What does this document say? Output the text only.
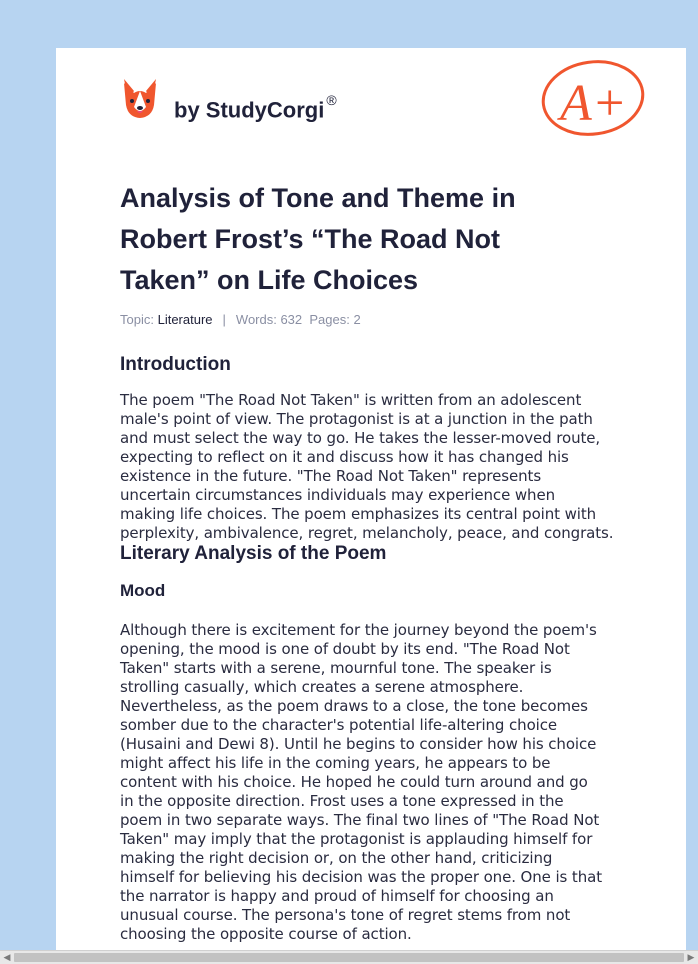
by StudyCorgi ®	A+
Analysis of Tone and Theme in Robert Frost’s “The Road Not Taken” on Life Choices
Topic: Literature | Words: 632 Pages: 2
Introduction
The poem "The Road Not Taken" is written from an adolescent
male's point of view. The protagonist is at a junction in the path
and must select the way to go. He takes the lesser-moved route,
expecting to reflect on it and discuss how it has changed his
existence in the future. "The Road Not Taken" represents
uncertain circumstances individuals may experience when
making life choices. The poem emphasizes its central point with
perplexity, ambivalence, regret, melancholy, peace, and congrats.
Literary Analysis of the Poem
Mood
Although there is excitement for the journey beyond the poem's
opening, the mood is one of doubt by its end. "The Road Not
Taken" starts with a serene, mournful tone. The speaker is
strolling casually, which creates a serene atmosphere.
Nevertheless, as the poem draws to a close, the tone becomes
somber due to the character's potential life-altering choice
(Husaini and Dewi 8). Until he begins to consider how his choice
might affect his life in the coming years, he appears to be
content with his choice. He hoped he could turn around and go
in the opposite direction. Frost uses a tone expressed in the
poem in two separate ways. The final two lines of "The Road Not
Taken" may imply that the protagonist is applauding himself for
making the right decision or, on the other hand, criticizing
himself for believing his decision was the proper one. One is that
the narrator is happy and proud of himself for choosing an
unusual course. The persona's tone of regret stems from not
choosing the opposite course of action.
◀	▶
